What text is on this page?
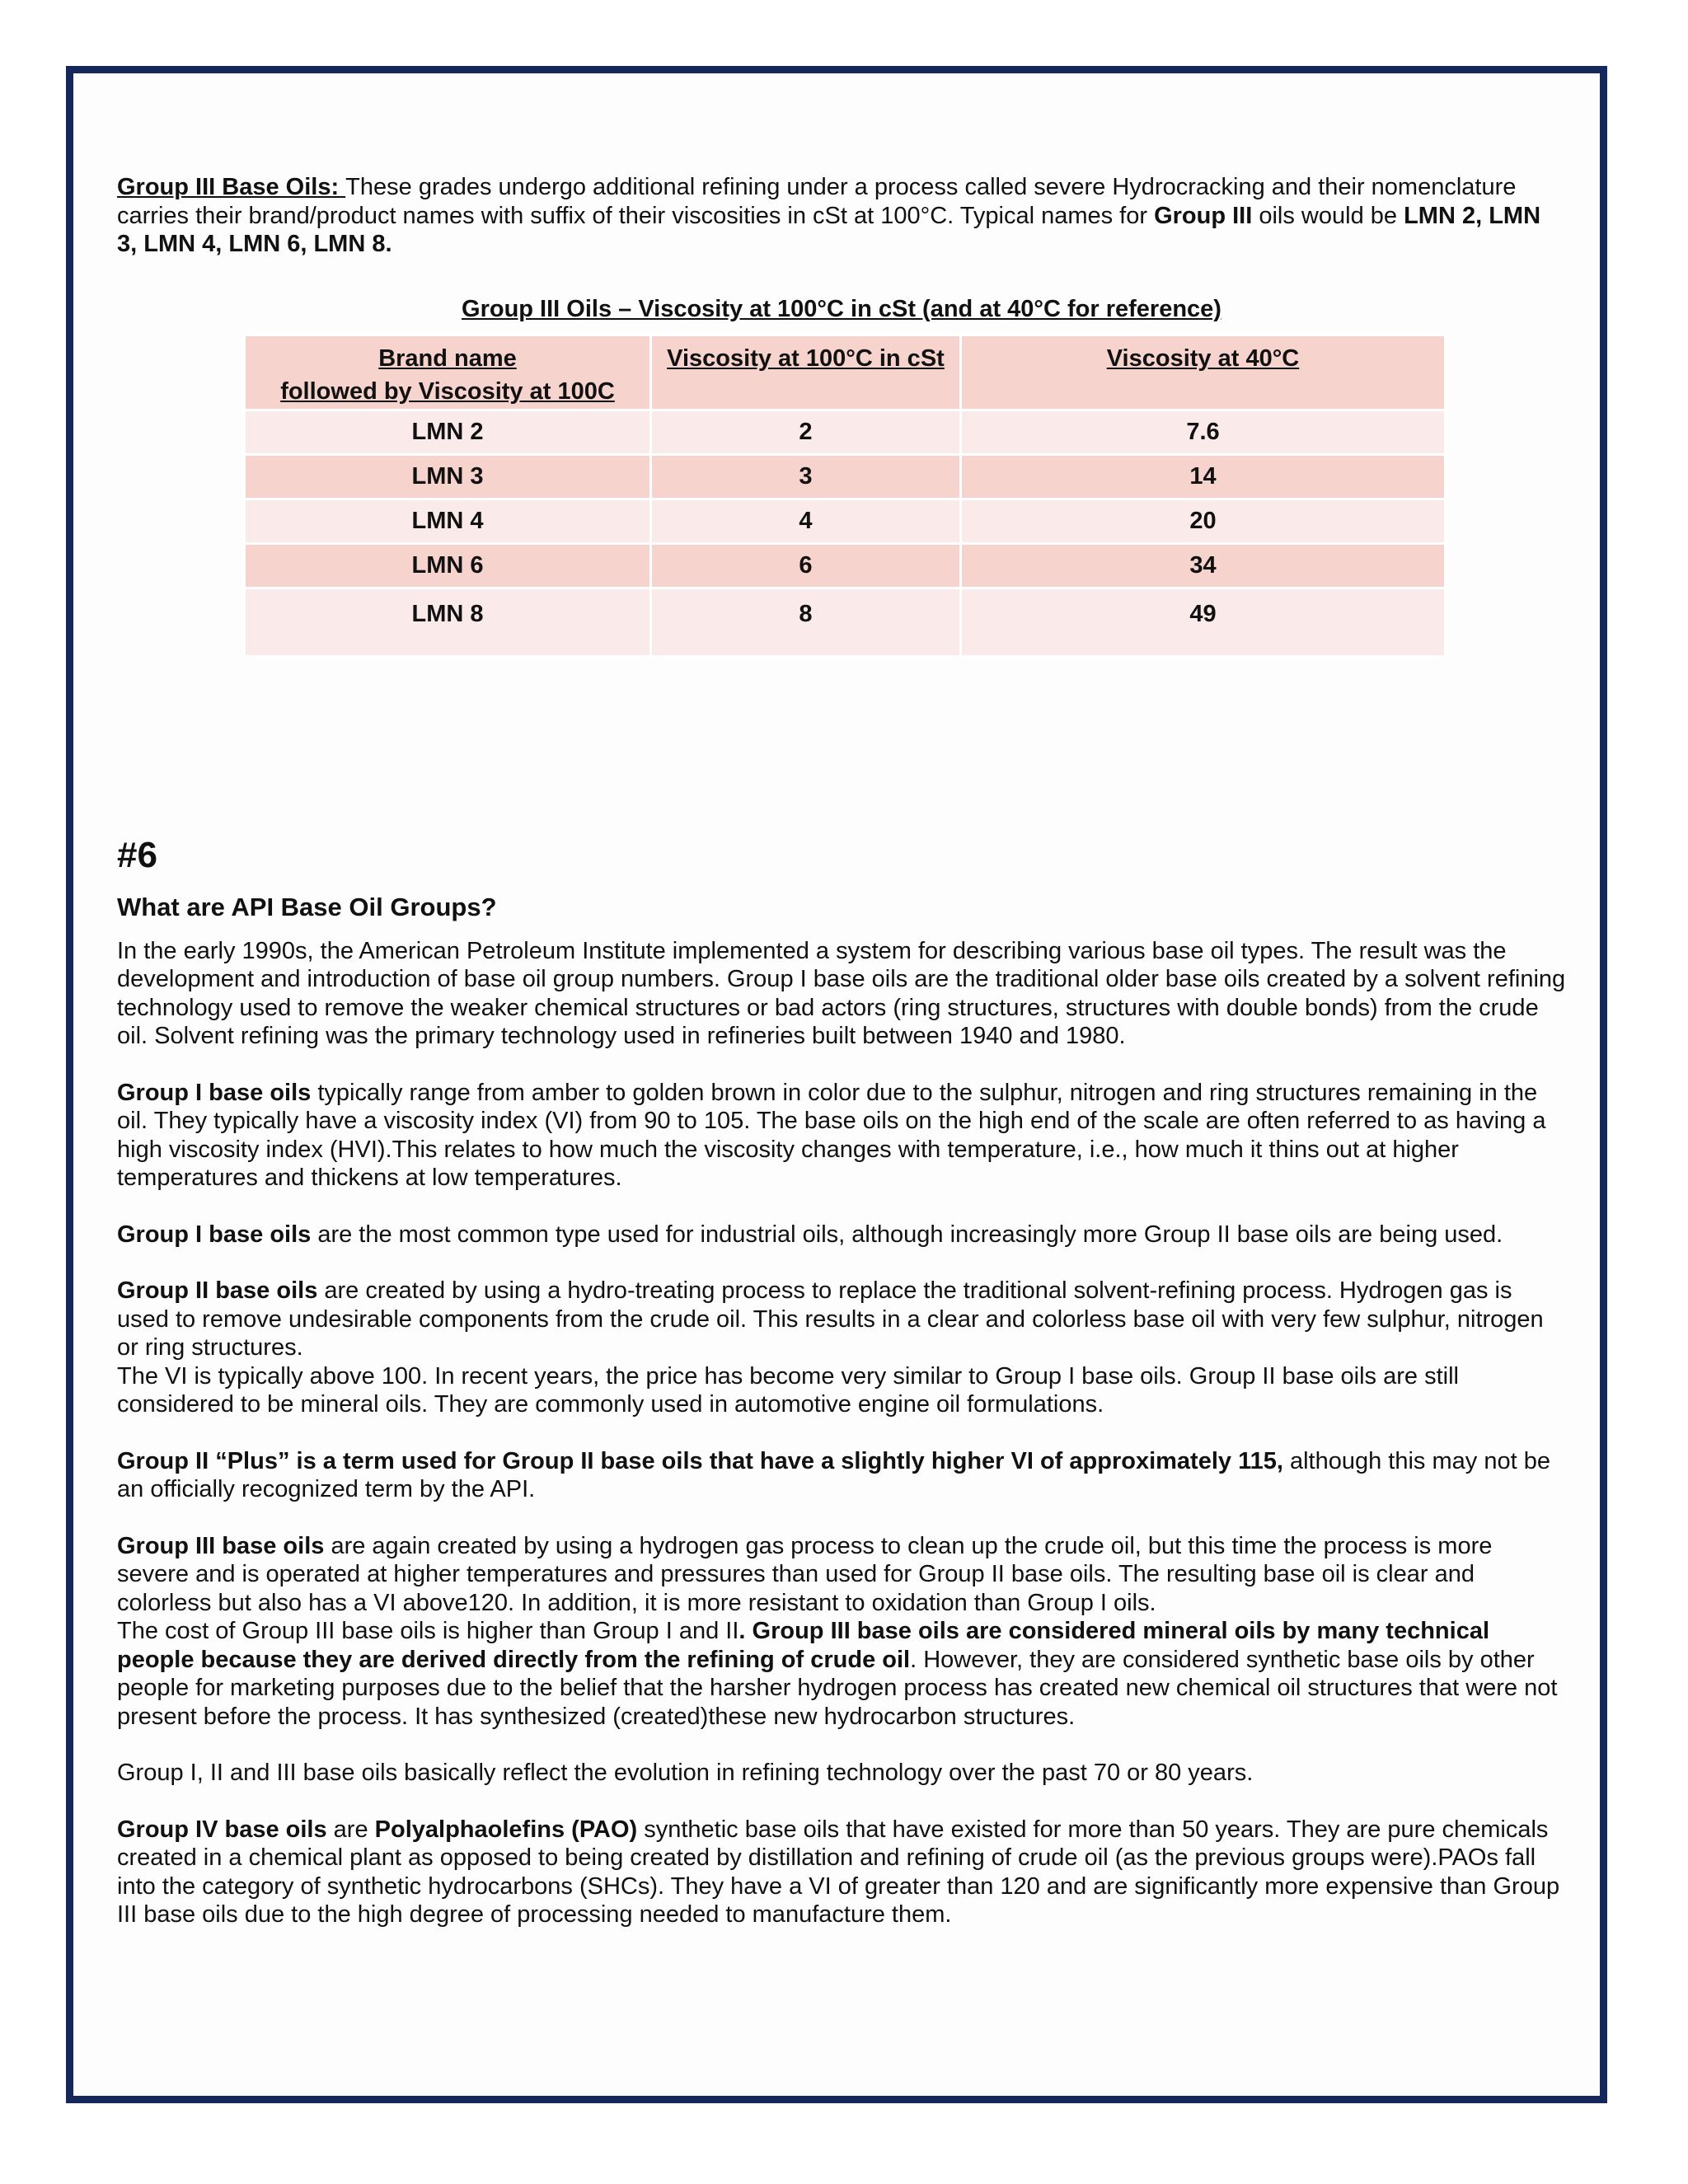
Group III Base Oils: These grades undergo additional refining under a process called severe Hydrocracking and their nomenclature carries their brand/product names with suffix of their viscosities in cSt at 100°C. Typical names for Group III oils would be LMN 2, LMN 3, LMN 4, LMN 6, LMN 8.

Group III Oils – Viscosity at 100°C in cSt (and at 40°C for reference)

Brand name
followed by Viscosity at 100C	Viscosity at 100°C in cSt	Viscosity at 40°C
LMN 2	2	7.6
LMN 3	3	14
LMN 4	4	20
LMN 6	6	34
LMN 8	8	49
#6
What are API Base Oil Groups?

In the early 1990s, the American Petroleum Institute implemented a system for describing various base oil types. The result was the development and introduction of base oil group numbers. Group I base oils are the traditional older base oils created by a solvent refining technology used to remove the weaker chemical structures or bad actors (ring structures, structures with double bonds) from the crude oil. Solvent refining was the primary technology used in refineries built between 1940 and 1980.

Group I base oils typically range from amber to golden brown in color due to the sulphur, nitrogen and ring structures remaining in the oil. They typically have a viscosity index (VI) from 90 to 105. The base oils on the high end of the scale are often referred to as having a high viscosity index (HVI).This relates to how much the viscosity changes with temperature, i.e., how much it thins out at higher temperatures and thickens at low temperatures.

Group I base oils are the most common type used for industrial oils, although increasingly more Group II base oils are being used.

Group II base oils are created by using a hydro-treating process to replace the traditional solvent-refining process. Hydrogen gas is used to remove undesirable components from the crude oil. This results in a clear and colorless base oil with very few sulphur, nitrogen or ring structures.

The VI is typically above 100. In recent years, the price has become very similar to Group I base oils. Group II base oils are still considered to be mineral oils. They are commonly used in automotive engine oil formulations.

Group II “Plus” is a term used for Group II base oils that have a slightly higher VI of approximately 115, although this may not be an officially recognized term by the API.

Group III base oils are again created by using a hydrogen gas process to clean up the crude oil, but this time the process is more severe and is operated at higher temperatures and pressures than used for Group II base oils. The resulting base oil is clear and colorless but also has a VI above120. In addition, it is more resistant to oxidation than Group I oils.

The cost of Group III base oils is higher than Group I and II. Group III base oils are considered mineral oils by many technical people because they are derived directly from the refining of crude oil. However, they are considered synthetic base oils by other people for marketing purposes due to the belief that the harsher hydrogen process has created new chemical oil structures that were not present before the process. It has synthesized (created)these new hydrocarbon structures.

Group I, II and III base oils basically reflect the evolution in refining technology over the past 70 or 80 years.

Group IV base oils are Polyalphaolefins (PAO) synthetic base oils that have existed for more than 50 years. They are pure chemicals created in a chemical plant as opposed to being created by distillation and refining of crude oil (as the previous groups were).PAOs fall into the category of synthetic hydrocarbons (SHCs). They have a VI of greater than 120 and are significantly more expensive than Group III base oils due to the high degree of processing needed to manufacture them.
